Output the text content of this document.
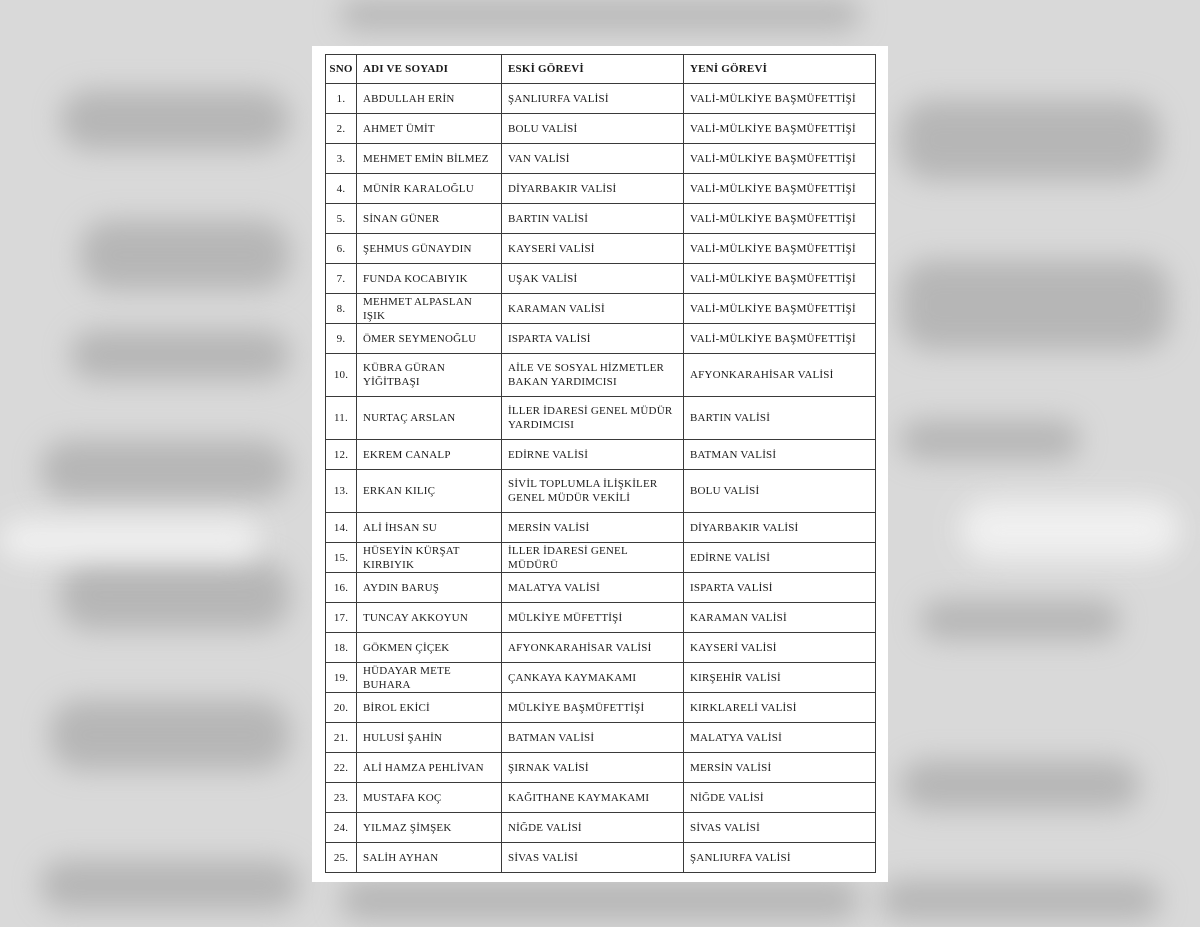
SNO	ADI VE SOYADI	ESKİ GÖREVİ	YENİ GÖREVİ
1.	ABDULLAH ERİN	ŞANLIURFA VALİSİ	VALİ-MÜLKİYE BAŞMÜFETTİŞİ
2.	AHMET ÜMİT	BOLU VALİSİ	VALİ-MÜLKİYE BAŞMÜFETTİŞİ
3.	MEHMET EMİN BİLMEZ	VAN VALİSİ	VALİ-MÜLKİYE BAŞMÜFETTİŞİ
4.	MÜNİR KARALOĞLU	DİYARBAKIR VALİSİ	VALİ-MÜLKİYE BAŞMÜFETTİŞİ
5.	SİNAN GÜNER	BARTIN VALİSİ	VALİ-MÜLKİYE BAŞMÜFETTİŞİ
6.	ŞEHMUS GÜNAYDIN	KAYSERİ VALİSİ	VALİ-MÜLKİYE BAŞMÜFETTİŞİ
7.	FUNDA KOCABIYIK	UŞAK VALİSİ	VALİ-MÜLKİYE BAŞMÜFETTİŞİ
8.	MEHMET ALPASLAN IŞIK	KARAMAN VALİSİ	VALİ-MÜLKİYE BAŞMÜFETTİŞİ
9.	ÖMER SEYMENOĞLU	ISPARTA VALİSİ	VALİ-MÜLKİYE BAŞMÜFETTİŞİ
10.	KÜBRA GÜRAN YİĞİTBAŞI	AİLE VE SOSYAL HİZMETLER BAKAN YARDIMCISI	AFYONKARAHİSAR VALİSİ
11.	NURTAÇ ARSLAN	İLLER İDARESİ GENEL MÜDÜR YARDIMCISI	BARTIN VALİSİ
12.	EKREM CANALP	EDİRNE VALİSİ	BATMAN VALİSİ
13.	ERKAN KILIÇ	SİVİL TOPLUMLA İLİŞKİLER GENEL MÜDÜR VEKİLİ	BOLU VALİSİ
14.	ALİ İHSAN SU	MERSİN VALİSİ	DİYARBAKIR VALİSİ
15.	HÜSEYİN KÜRŞAT KIRBIYIK	İLLER İDARESİ GENEL MÜDÜRÜ	EDİRNE VALİSİ
16.	AYDIN BARUŞ	MALATYA VALİSİ	ISPARTA VALİSİ
17.	TUNCAY AKKOYUN	MÜLKİYE MÜFETTİŞİ	KARAMAN VALİSİ
18.	GÖKMEN ÇİÇEK	AFYONKARAHİSAR VALİSİ	KAYSERİ VALİSİ
19.	HÜDAYAR METE BUHARA	ÇANKAYA KAYMAKAMI	KIRŞEHİR VALİSİ
20.	BİROL EKİCİ	MÜLKİYE BAŞMÜFETTİŞİ	KIRKLARELİ VALİSİ
21.	HULUSİ ŞAHİN	BATMAN VALİSİ	MALATYA VALİSİ
22.	ALİ HAMZA PEHLİVAN	ŞIRNAK VALİSİ	MERSİN VALİSİ
23.	MUSTAFA KOÇ	KAĞITHANE KAYMAKAMI	NİĞDE VALİSİ
24.	YILMAZ ŞİMŞEK	NİĞDE VALİSİ	SİVAS VALİSİ
25.	SALİH AYHAN	SİVAS VALİSİ	ŞANLIURFA VALİSİ
